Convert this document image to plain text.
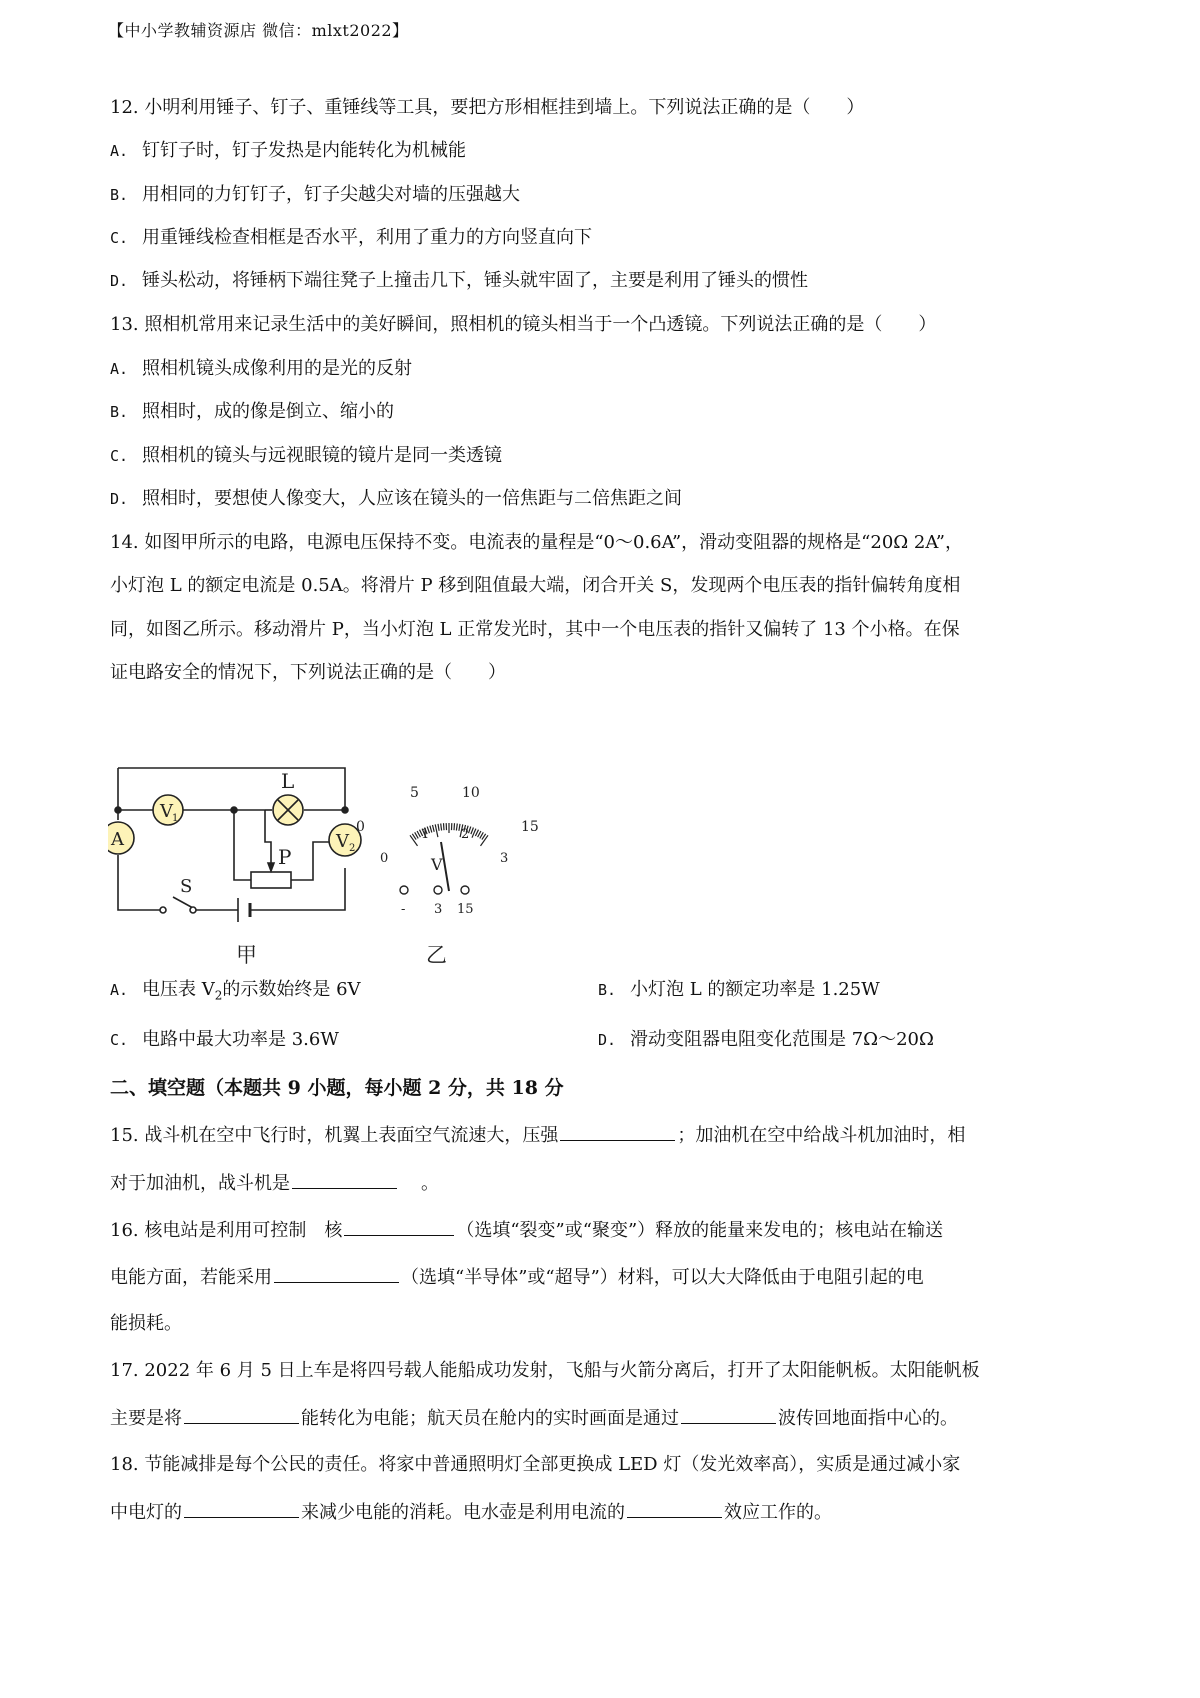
【中小学教辅资源店 微信：mlxt2022】
12. 小明利用锤子、钉子、重锤线等工具，要把方形相框挂到墙上。下列说法正确的是（　　）
A. 钉钉子时，钉子发热是内能转化为机械能
B. 用相同的力钉钉子，钉子尖越尖对墙的压强越大
C. 用重锤线检查相框是否水平，利用了重力的方向竖直向下
D. 锤头松动，将锤柄下端往凳子上撞击几下，锤头就牢固了，主要是利用了锤头的惯性
13. 照相机常用来记录生活中的美好瞬间，照相机的镜头相当于一个凸透镜。下列说法正确的是（　　）
A. 照相机镜头成像利用的是光的反射
B. 照相时，成的像是倒立、缩小的
C. 照相机的镜头与远视眼镜的镜片是同一类透镜
D. 照相时，要想使人像变大，人应该在镜头的一倍焦距与二倍焦距之间
14. 如图甲所示的电路，电源电压保持不变。电流表的量程是“0～0.6A”，滑动变阻器的规格是“20Ω 2A”，
小灯泡 L 的额定电流是 0.5A。将滑片 P 移到阻值最大端，闭合开关 S，发现两个电压表的指针偏转角度相
同，如图乙所示。移动滑片 P，当小灯泡 L 正常发光时，其中一个电压表的指针又偏转了 13 个小格。在保
证电路安全的情况下，下列说法正确的是（　　）
V 1
L
A	V 2
P
S
甲
0
5	10
15
0
1 2
3
V
- 3 15
乙
A. 电压表 $V_2$的示数始终是 6V	B. 小灯泡 L 的额定功率是 1.25W
C. 电路中最大功率是 3.6W	D. 滑动变阻器电阻变化范围是 7Ω～20Ω
二、填空题（本题共 9 小题，每小题 2 分，共 18 分
15. 战斗机在空中飞行时，机翼上表面空气流速大，压强	；加油机在空中给战斗机加油时，相
对于加油机，战斗机是	。
16. 核电站是利用可控制　核	（选填“裂变”或“聚变”）释放的能量来发电的；核电站在输送
电能方面，若能采用	（选填“半导体”或“超导”）材料，可以大大降低由于电阻引起的电
能损耗。
17. 2022 年 6 月 5 日上车是将四号载人能船成功发射，飞船与火箭分离后，打开了太阳能帆板。太阳能帆板
主要是将	能转化为电能；航天员在舱内的实时画面是通过	波传回地面指中心的。
18. 节能减排是每个公民的责任。将家中普通照明灯全部更换成 LED 灯（发光效率高），实质是通过减小家
中电灯的	来减少电能的消耗。电水壶是利用电流的	效应工作的。
